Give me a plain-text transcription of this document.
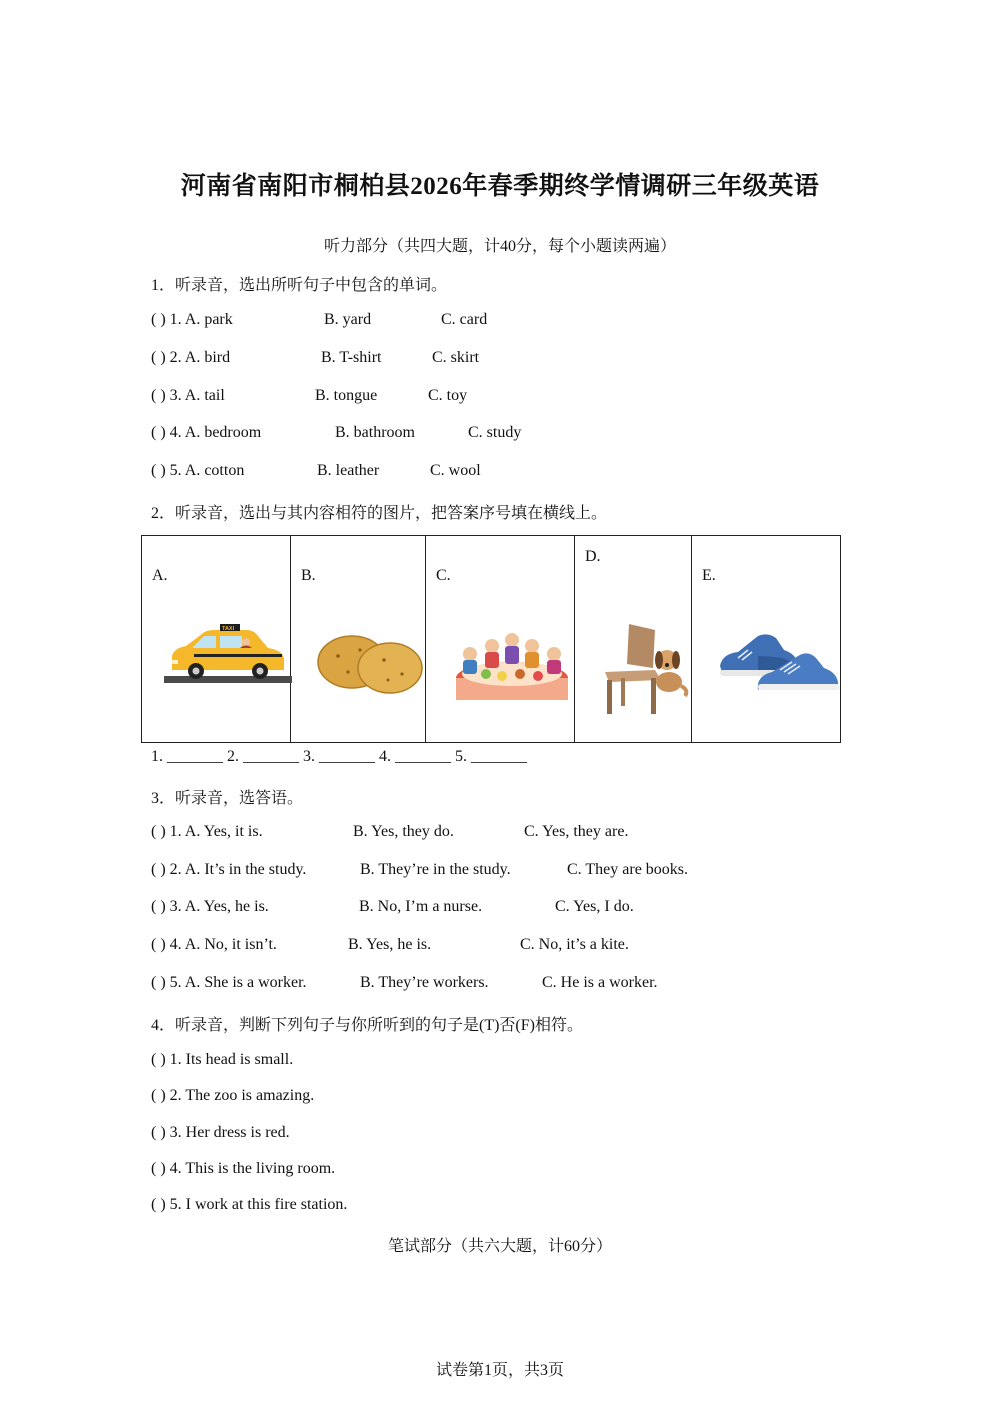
河南省南阳市桐柏县2026年春季期终学情调研三年级英语
听力部分（共四大题，计40分，每个小题读两遍）
1．听录音，选出所听句子中包含的单词。
( ) 1. A. park	B. yard	C. card
( ) 2. A. bird	B. T-shirt	C. skirt
( ) 3. A. tail	B. tongue	C. toy
( ) 4. A. bedroom	B. bathroom	C. study
( ) 5. A. cotton	B. leather	C. wool
2．听录音，选出与其内容相符的图片，把答案序号填在横线上。
A.
TAXI

B.	C.

D.

E.
1. _______ 2. _______ 3. _______ 4. _______ 5. _______
3．听录音，选答语。
( ) 1. A. Yes, it is.	B. Yes, they do.	C. Yes, they are.
( ) 2. A. It’s in the study.	B. They’re in the study.	C. They are books.
( ) 3. A. Yes, he is.	B. No, I’m a nurse.	C. Yes, I do.
( ) 4. A. No, it isn’t.	B. Yes, he is.	C. No, it’s a kite.
( ) 5. A. She is a worker.	B. They’re workers.	C. He is a worker.
4．听录音，判断下列句子与你所听到的句子是(T)否(F)相符。
( ) 1. Its head is small.
( ) 2. The zoo is amazing.
( ) 3. Her dress is red.
( ) 4. This is the living room.
( ) 5. I work at this fire station.
笔试部分（共六大题，计60分）
试卷第1页，共3页
